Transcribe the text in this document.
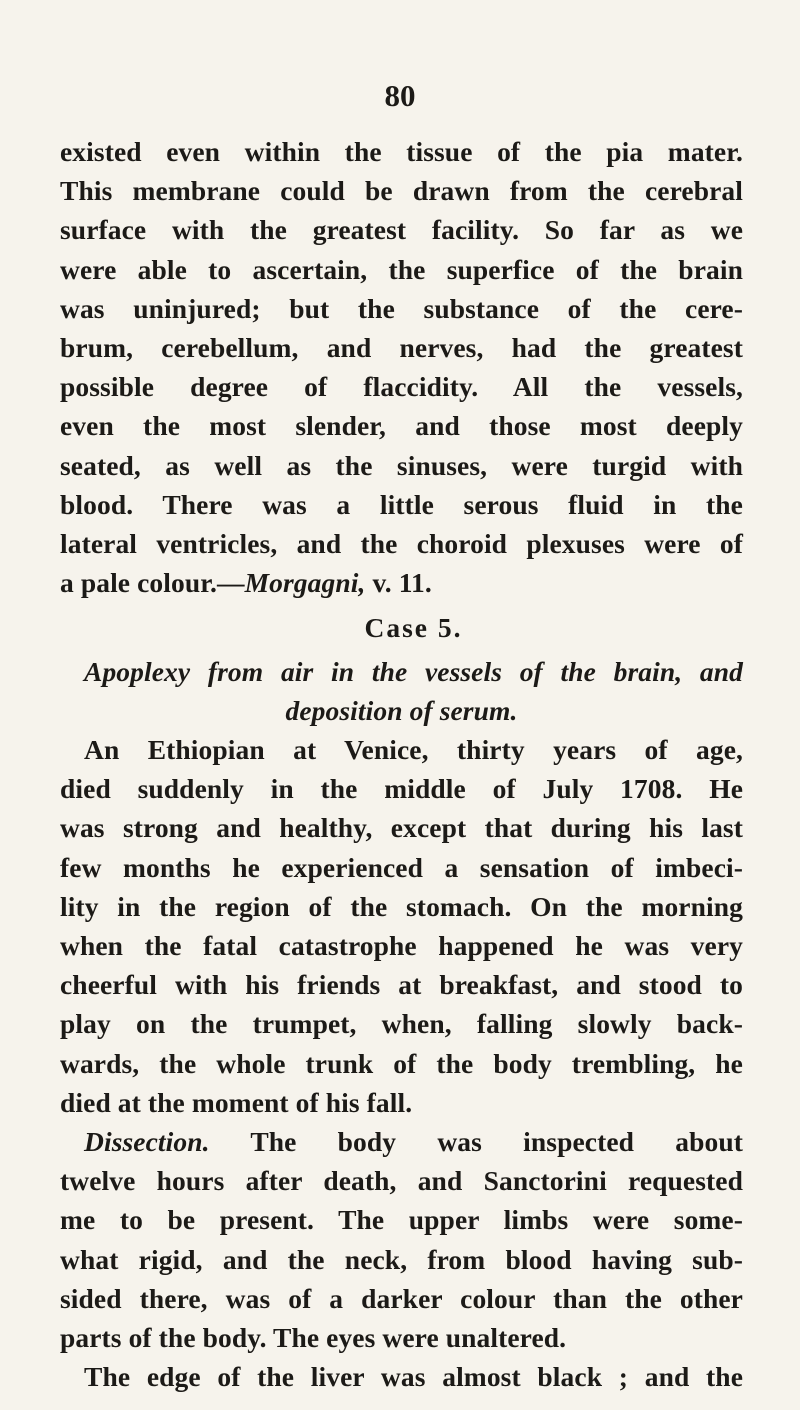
80
existed even within the tissue of the pia mater.
This membrane could be drawn from the cerebral
surface with the greatest facility. So far as we
were able to ascertain, the superfice of the brain
was uninjured; but the substance of the cere-
brum, cerebellum, and nerves, had the greatest
possible degree of flaccidity. All the vessels,
even the most slender, and those most deeply
seated, as well as the sinuses, were turgid with
blood. There was a little serous fluid in the
lateral ventricles, and the choroid plexuses were of
a pale colour.—Morgagni, v. 11.
Case 5.
Apoplexy from air in the vessels of the brain, and
deposition of serum.
An Ethiopian at Venice, thirty years of age,
died suddenly in the middle of July 1708. He
was strong and healthy, except that during his last
few months he experienced a sensation of imbeci-
lity in the region of the stomach. On the morning
when the fatal catastrophe happened he was very
cheerful with his friends at breakfast, and stood to
play on the trumpet, when, falling slowly back-
wards, the whole trunk of the body trembling, he
died at the moment of his fall.
Dissection. The body was inspected about
twelve hours after death, and Sanctorini requested
me to be present. The upper limbs were some-
what rigid, and the neck, from blood having sub-
sided there, was of a darker colour than the other
parts of the body. The eyes were unaltered.
The edge of the liver was almost black ; and the
